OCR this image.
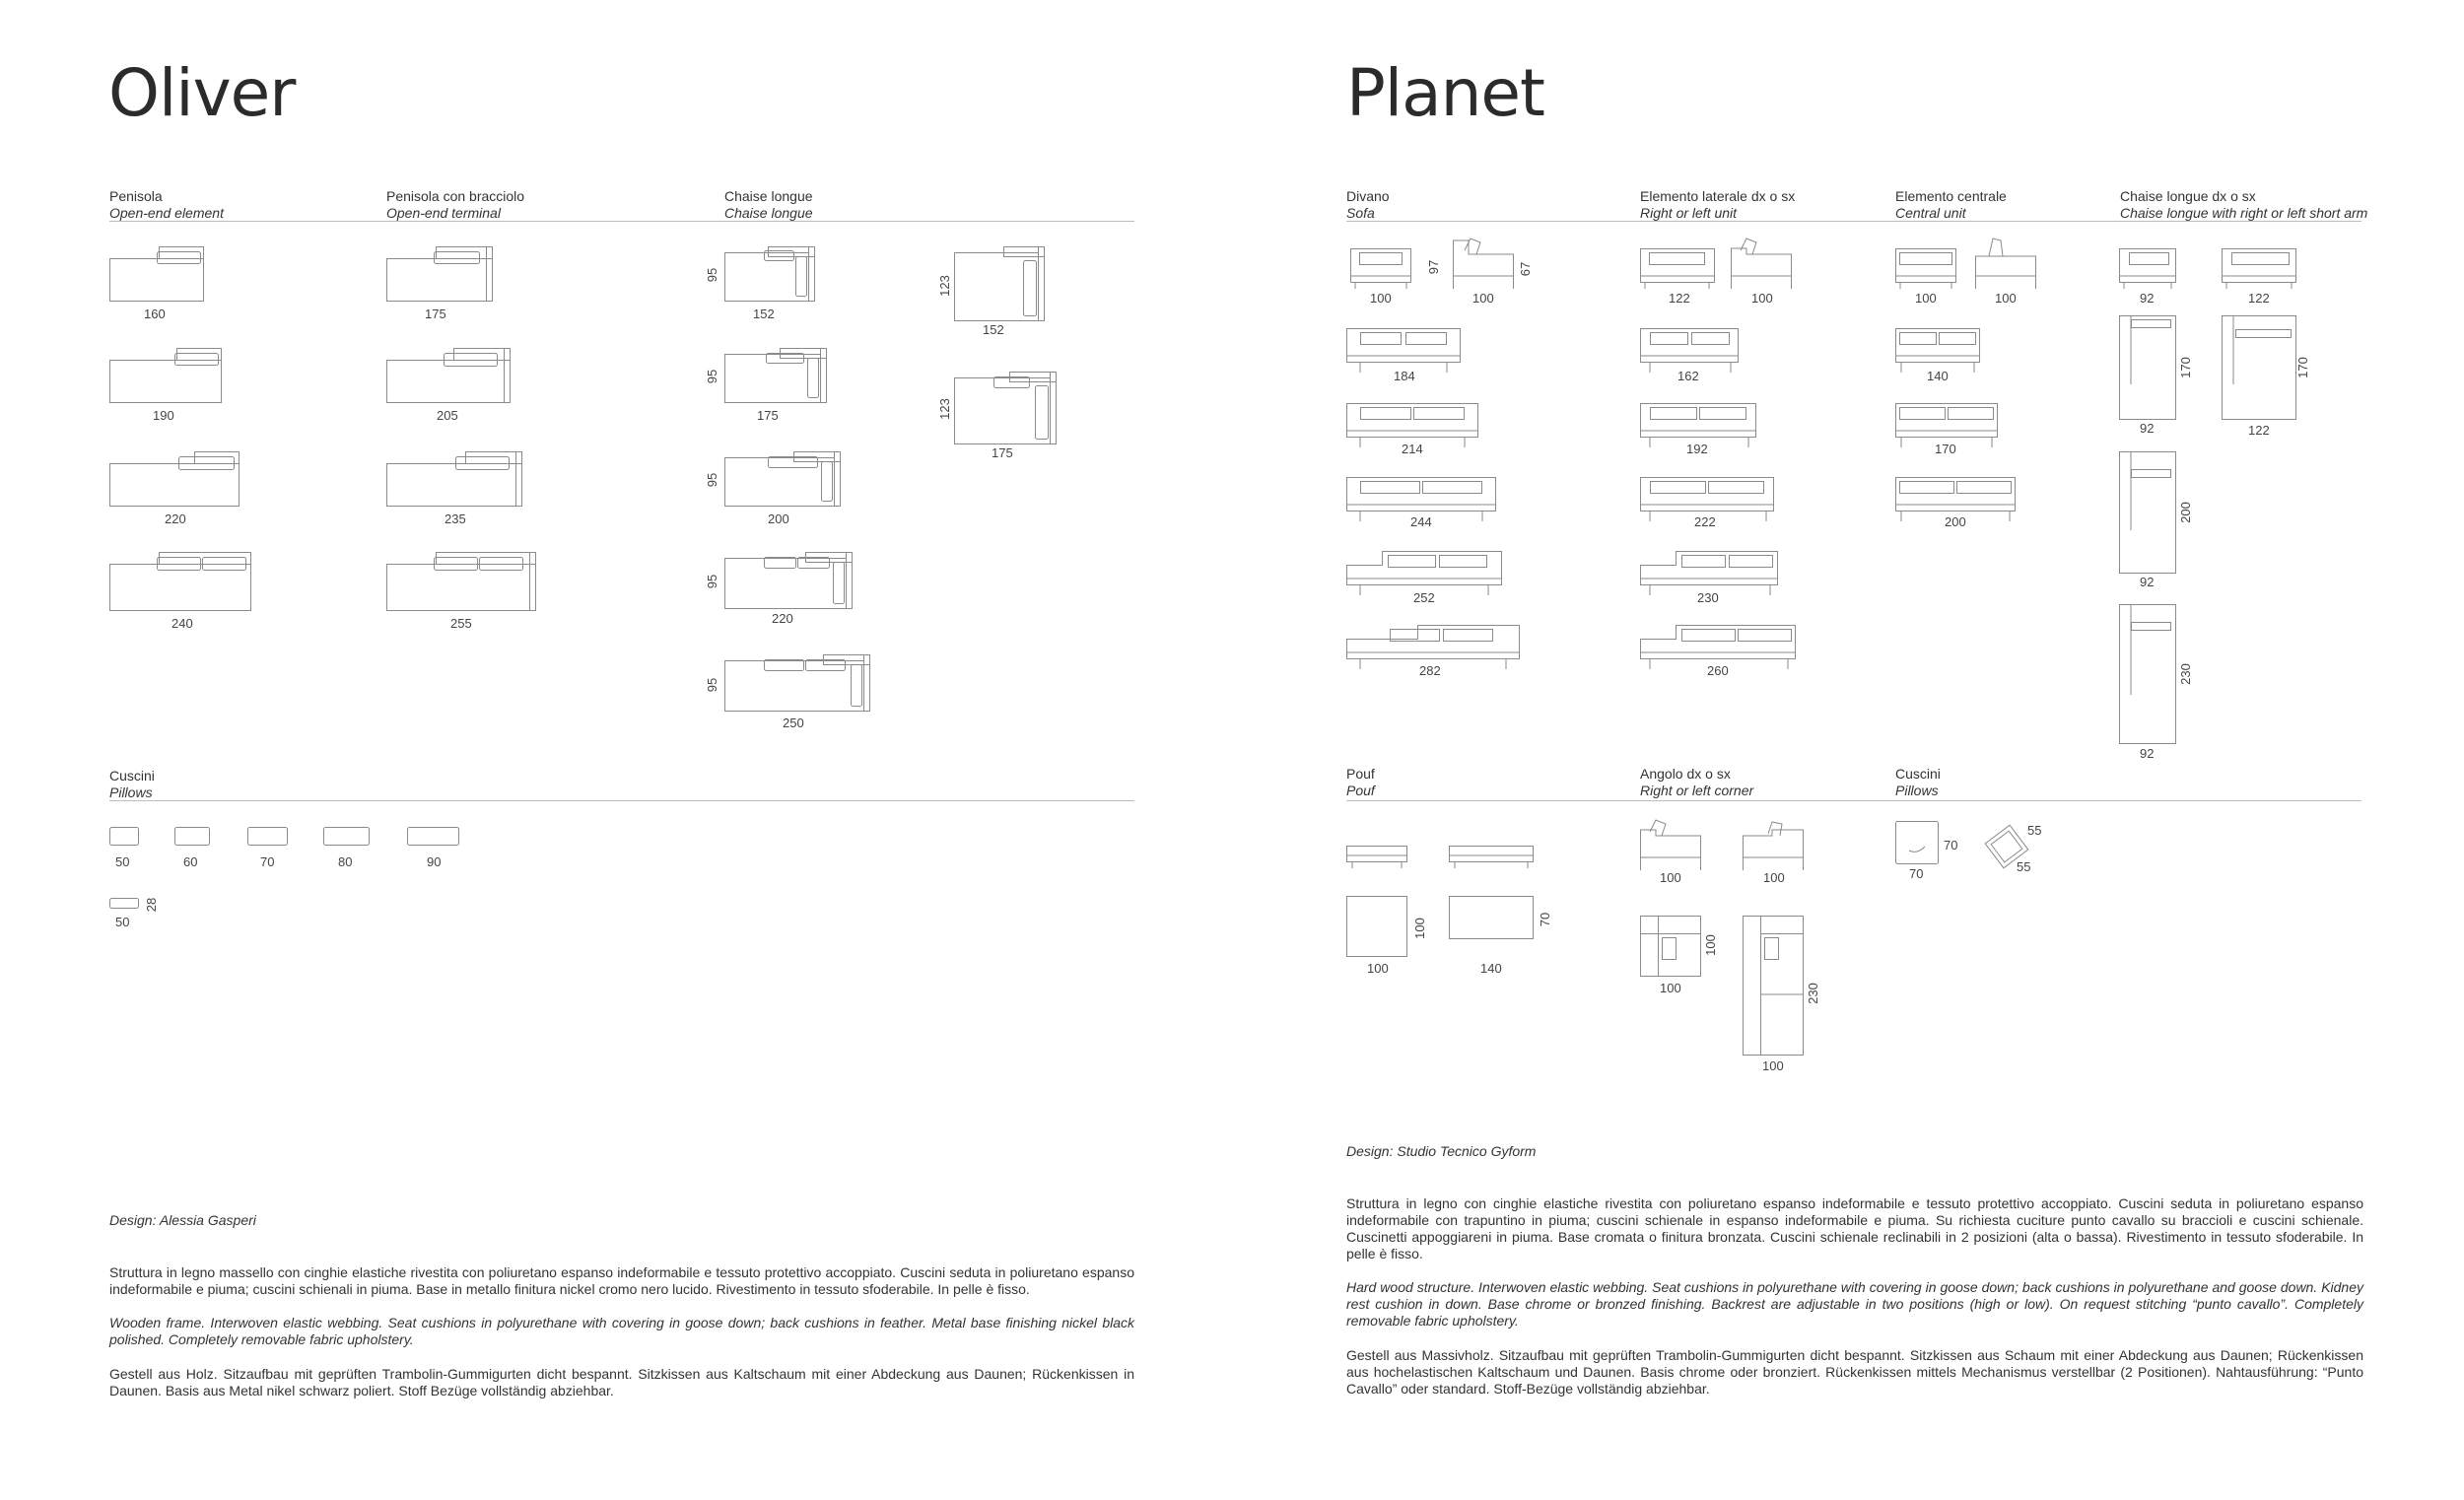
Oliver
Penisola
Open-end element
Penisola con bracciolo
Open-end terminal
Chaise longue
Chaise longue
160
190
220
240
175
205
235
255
95
152
95
175
95
200
95
220
95
250
123
152
123
175
Cuscini
Pillows
50	60	70	80	90
28
50
Design: Alessia Gasperi

Struttura in legno massello con cinghie elastiche rivestita con poliuretano espanso indeformabile e tessuto protettivo accoppiato. Cuscini seduta in poliuretano espanso indeformabile e piuma; cuscini schienali in piuma. Base in metallo finitura nickel cromo nero lucido. Rivestimento in tessuto sfoderabile. In pelle è fisso.

Wooden frame. Interwoven elastic webbing. Seat cushions in polyurethane with covering in goose down; back cushions in feather. Metal base finishing nickel black polished. Completely removable fabric upholstery.

Gestell aus Holz. Sitzaufbau mit geprüften Trambolin-Gummigurten dicht bespannt. Sitzkissen aus Kaltschaum mit einer Abdeckung aus Daunen; Rückenkissen in Daunen. Basis aus Metal nikel schwarz poliert. Stoff Bezüge vollständig abziehbar.

Planet
Divano
Sofa
Elemento laterale dx o sx
Right or left unit
Elemento centrale
Central unit
Chaise longue dx o sx
Chaise longue with right or left short arm
100
97
100
67
184
214
244
252
282
122	100
162
192
222
230
260
100	100
140
170
200
92	122
170
92
170
122
200
92
230
92
Pouf
Pouf
Angolo dx o sx
Right or left corner
Cuscini
Pillows
100
100
70
140
100	100
100
100	230
100
70
70
55
55
Design: Studio Tecnico Gyform

Struttura in legno con cinghie elastiche rivestita con poliuretano espanso indeformabile e tessuto protettivo accoppiato. Cuscini seduta in poliuretano espanso indeformabile con trapuntino in piuma; cuscini schienale in espanso indeformabile e piuma. Su richiesta cuciture punto cavallo su braccioli e cuscini schienale. Cuscinetti appoggiareni in piuma. Base cromata o finitura bronzata. Cuscini schienale reclinabili in 2 posizioni (alta o bassa). Rivestimento in tessuto sfoderabile. In pelle è fisso.

Hard wood structure. Interwoven elastic webbing. Seat cushions in polyurethane with covering in goose down; back cushions in polyurethane and goose down. Kidney rest cushion in down. Base chrome or bronzed finishing. Backrest are adjustable in two positions (high or low). On request stitching “punto cavallo”. Completely removable fabric upholstery.

Gestell aus Massivholz. Sitzaufbau mit geprüften Trambolin-Gummigurten dicht bespannt. Sitzkissen aus Schaum mit einer Abdeckung aus Daunen; Rückenkissen aus hochelastischen Kaltschaum und Daunen. Basis chrome oder bronziert. Rückenkissen mittels Mechanismus verstellbar (2 Positionen). Nahtausführung: “Punto Cavallo” oder standard. Stoff-Bezüge vollständig abziehbar.
